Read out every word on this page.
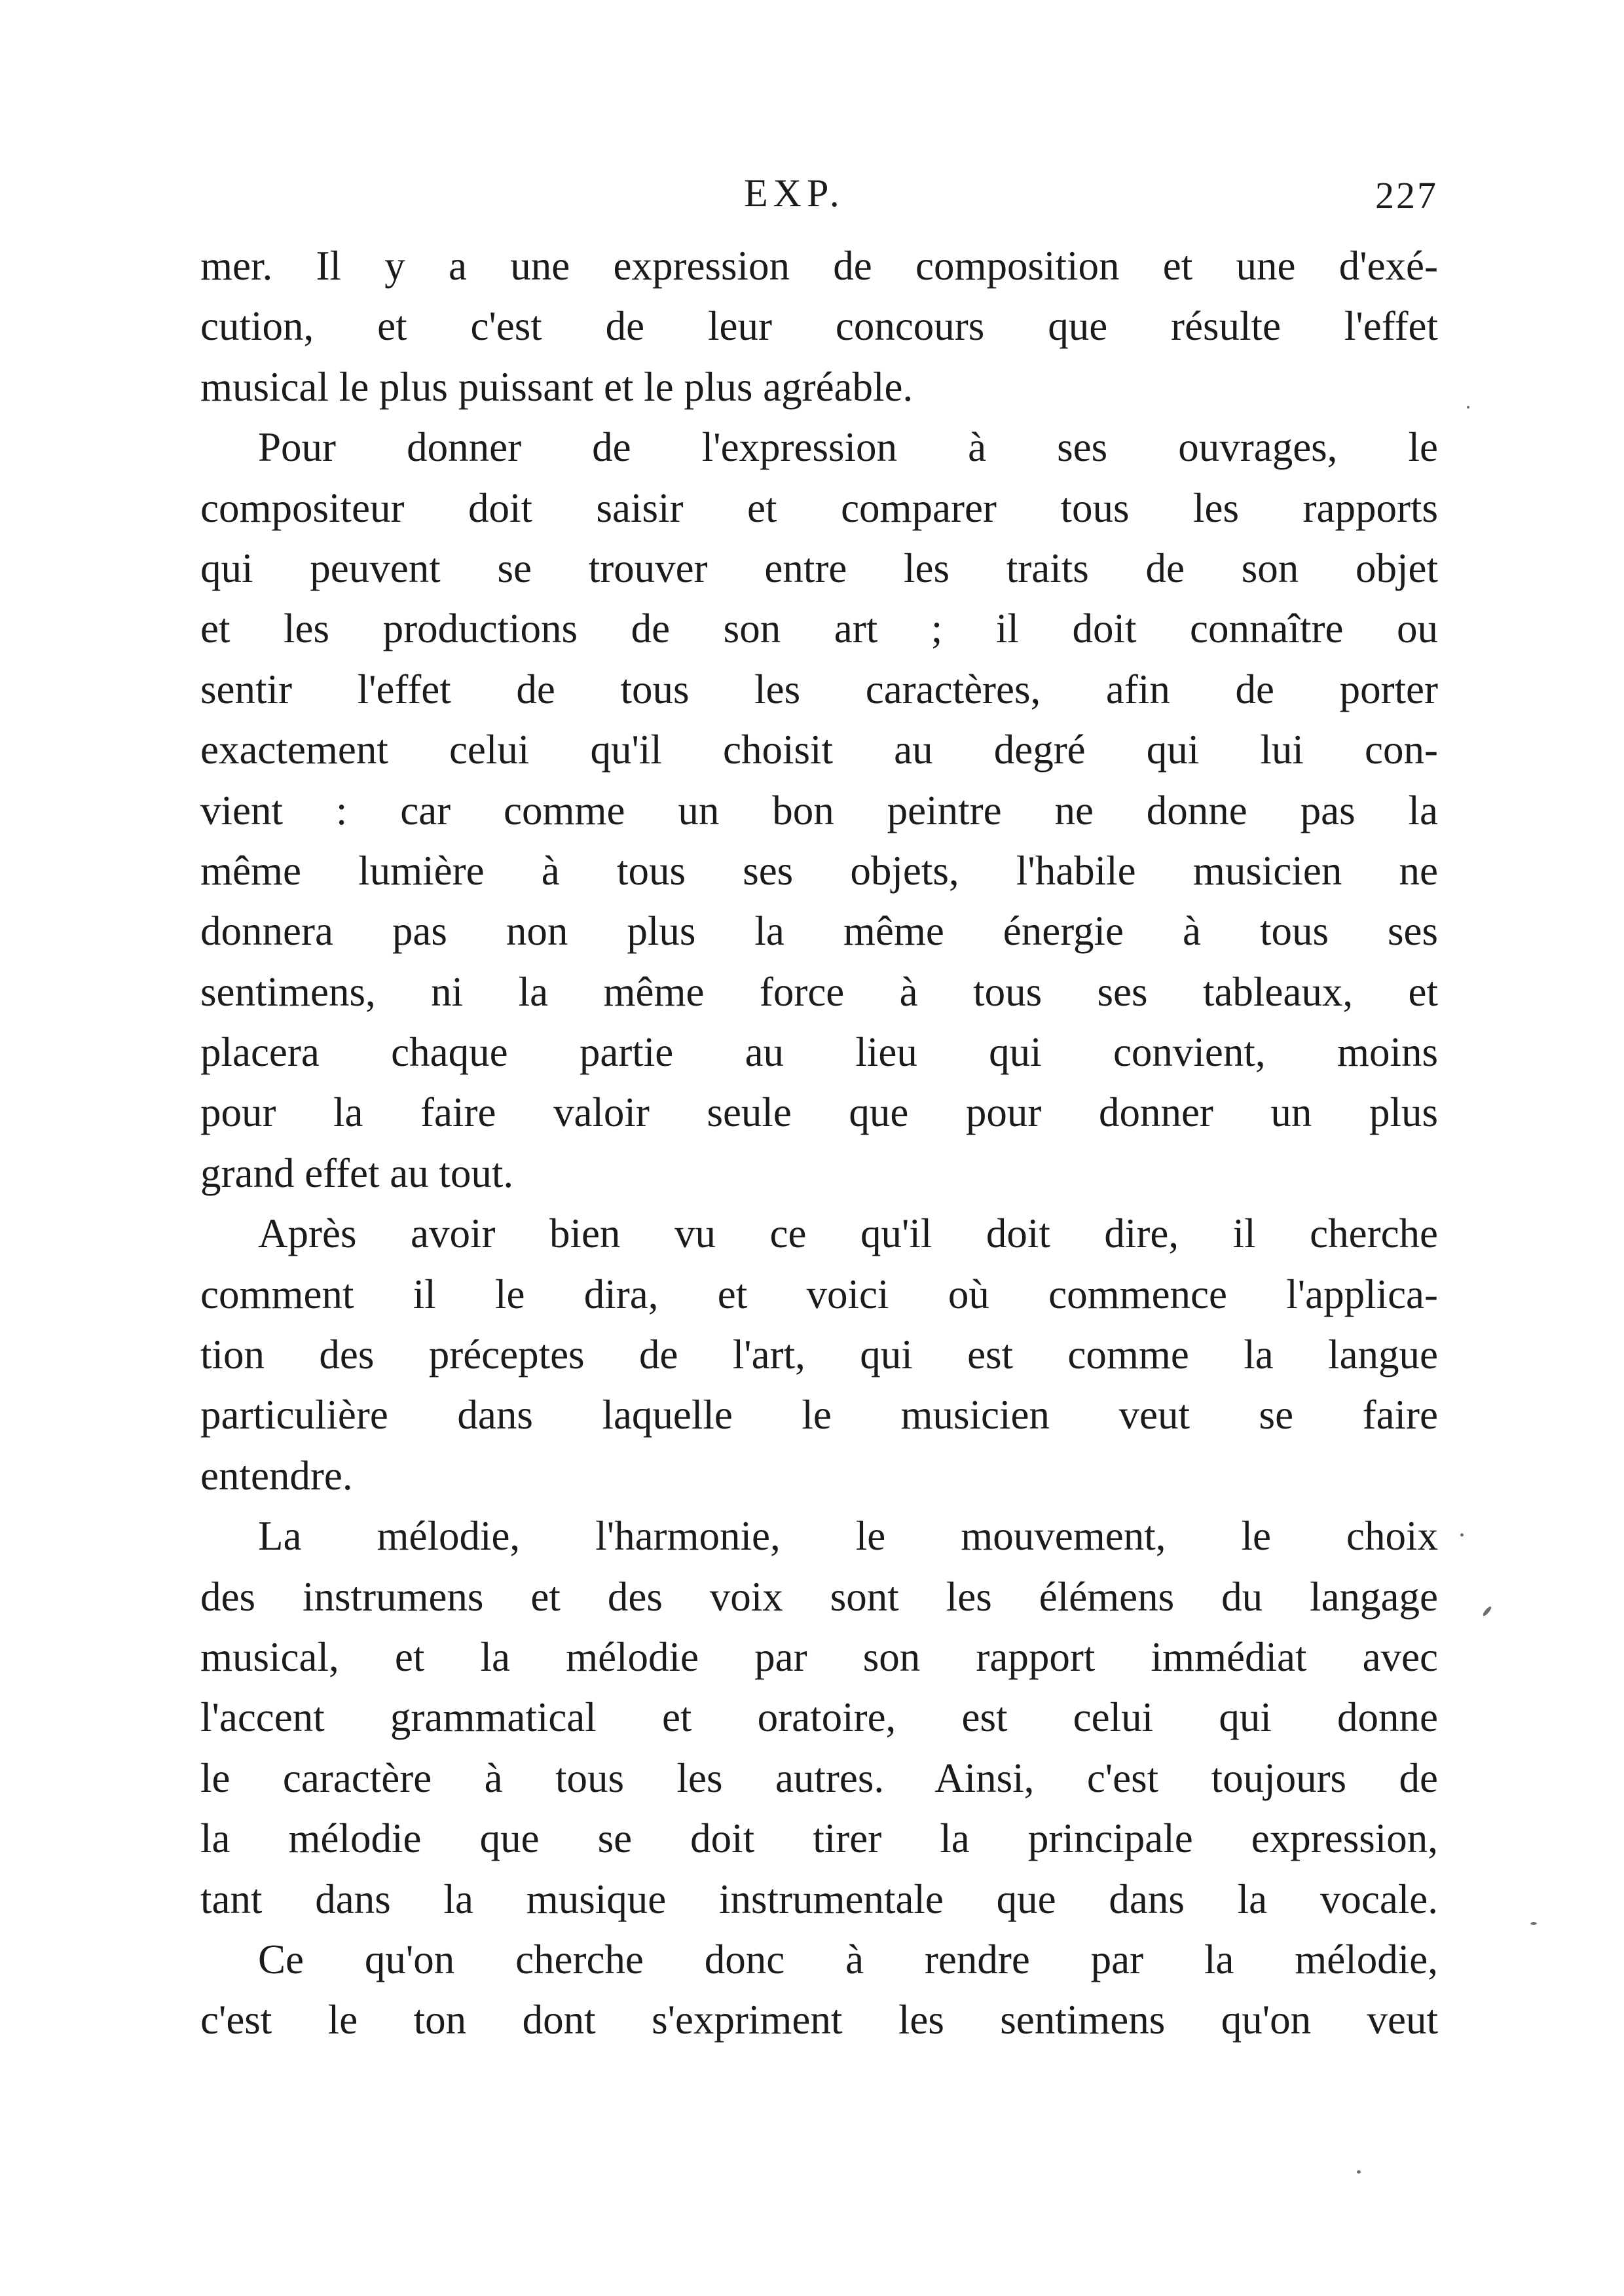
EXP.	227
mer. Il y a une expression de composition et une d'exé-
cution, et c'est de leur concours que résulte l'effet
musical le plus puissant et le plus agréable.
Pour donner de l'expression à ses ouvrages, le
compositeur doit saisir et comparer tous les rapports
qui peuvent se trouver entre les traits de son objet
et les productions de son art ; il doit connaître ou
sentir l'effet de tous les caractères, afin de porter
exactement celui qu'il choisit au degré qui lui con-
vient : car comme un bon peintre ne donne pas la
même lumière à tous ses objets, l'habile musicien ne
donnera pas non plus la même énergie à tous ses
sentimens, ni la même force à tous ses tableaux, et
placera chaque partie au lieu qui convient, moins
pour la faire valoir seule que pour donner un plus
grand effet au tout.
Après avoir bien vu ce qu'il doit dire, il cherche
comment il le dira, et voici où commence l'applica-
tion des préceptes de l'art, qui est comme la langue
particulière dans laquelle le musicien veut se faire
entendre.
La mélodie, l'harmonie, le mouvement, le choix
des instrumens et des voix sont les élémens du langage
musical, et la mélodie par son rapport immédiat avec
l'accent grammatical et oratoire, est celui qui donne
le caractère à tous les autres. Ainsi, c'est toujours de
la mélodie que se doit tirer la principale expression,
tant dans la musique instrumentale que dans la vocale.
Ce qu'on cherche donc à rendre par la mélodie,
c'est le ton dont s'expriment les sentimens qu'on veut
